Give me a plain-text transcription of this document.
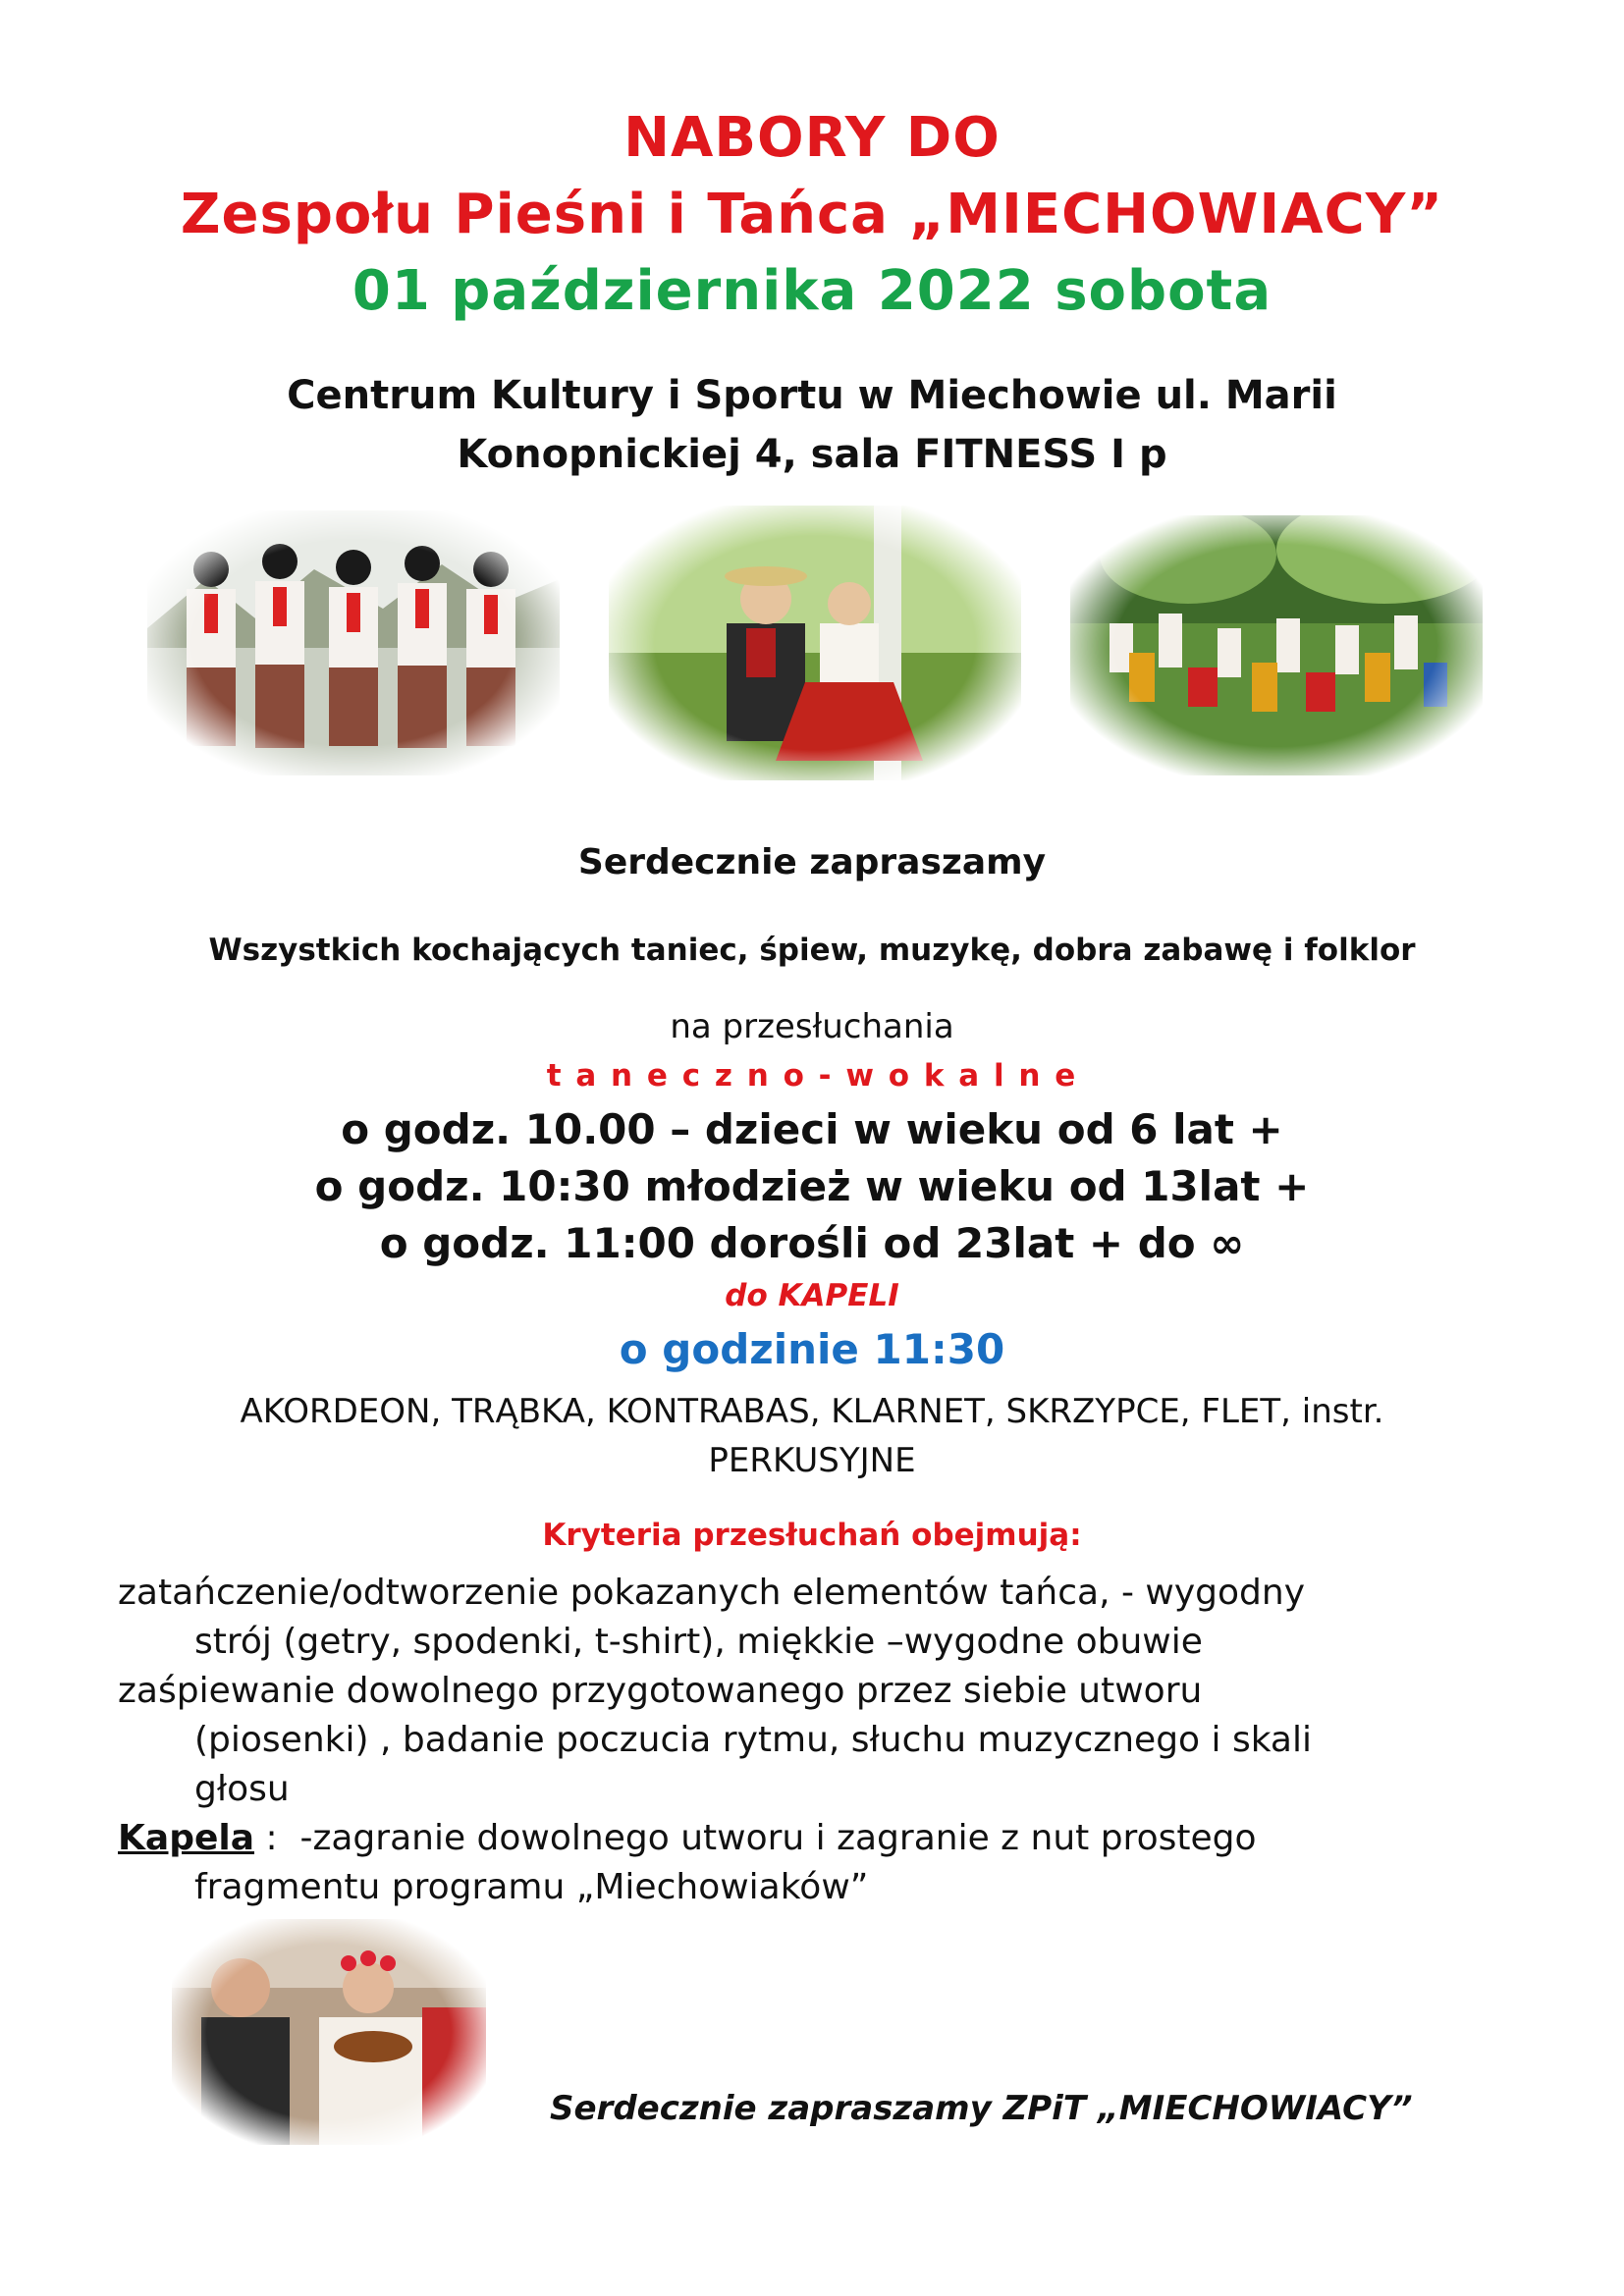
NABORY DO
Zespołu Pieśni i Tańca „MIECHOWIACY”
01 października 2022 sobota
Centrum Kultury i Sportu w Miechowie ul. Marii
Konopnickiej 4, sala FITNESS I p
Serdecznie zapraszamy
Wszystkich kochających taniec, śpiew, muzykę, dobra zabawę i folklor
na przesłuchania
t a n e c z n o - w o k a l n e
o godz. 10.00 – dzieci w wieku od 6 lat +
o godz. 10:30 młodzież w wieku od 13lat +
o godz. 11:00 dorośli od 23lat + do ∞
do KAPELI
o godzinie 11:30
AKORDEON, TRĄBKA, KONTRABAS, KLARNET, SKRZYPCE, FLET, instr.
PERKUSYJNE
Kryteria przesłuchań obejmują:
zatańczenie/odtworzenie pokazanych elementów tańca, - wygodny
strój (getry, spodenki, t-shirt), miękkie –wygodne obuwie
zaśpiewanie dowolnego przygotowanego przez siebie utworu
(piosenki) , badanie poczucia rytmu, słuchu muzycznego i skali
głosu
Kapela :  -zagranie dowolnego utworu i zagranie z nut prostego
fragmentu programu „Miechowiaków”
Serdecznie zapraszamy ZPiT „MIECHOWIACY”
